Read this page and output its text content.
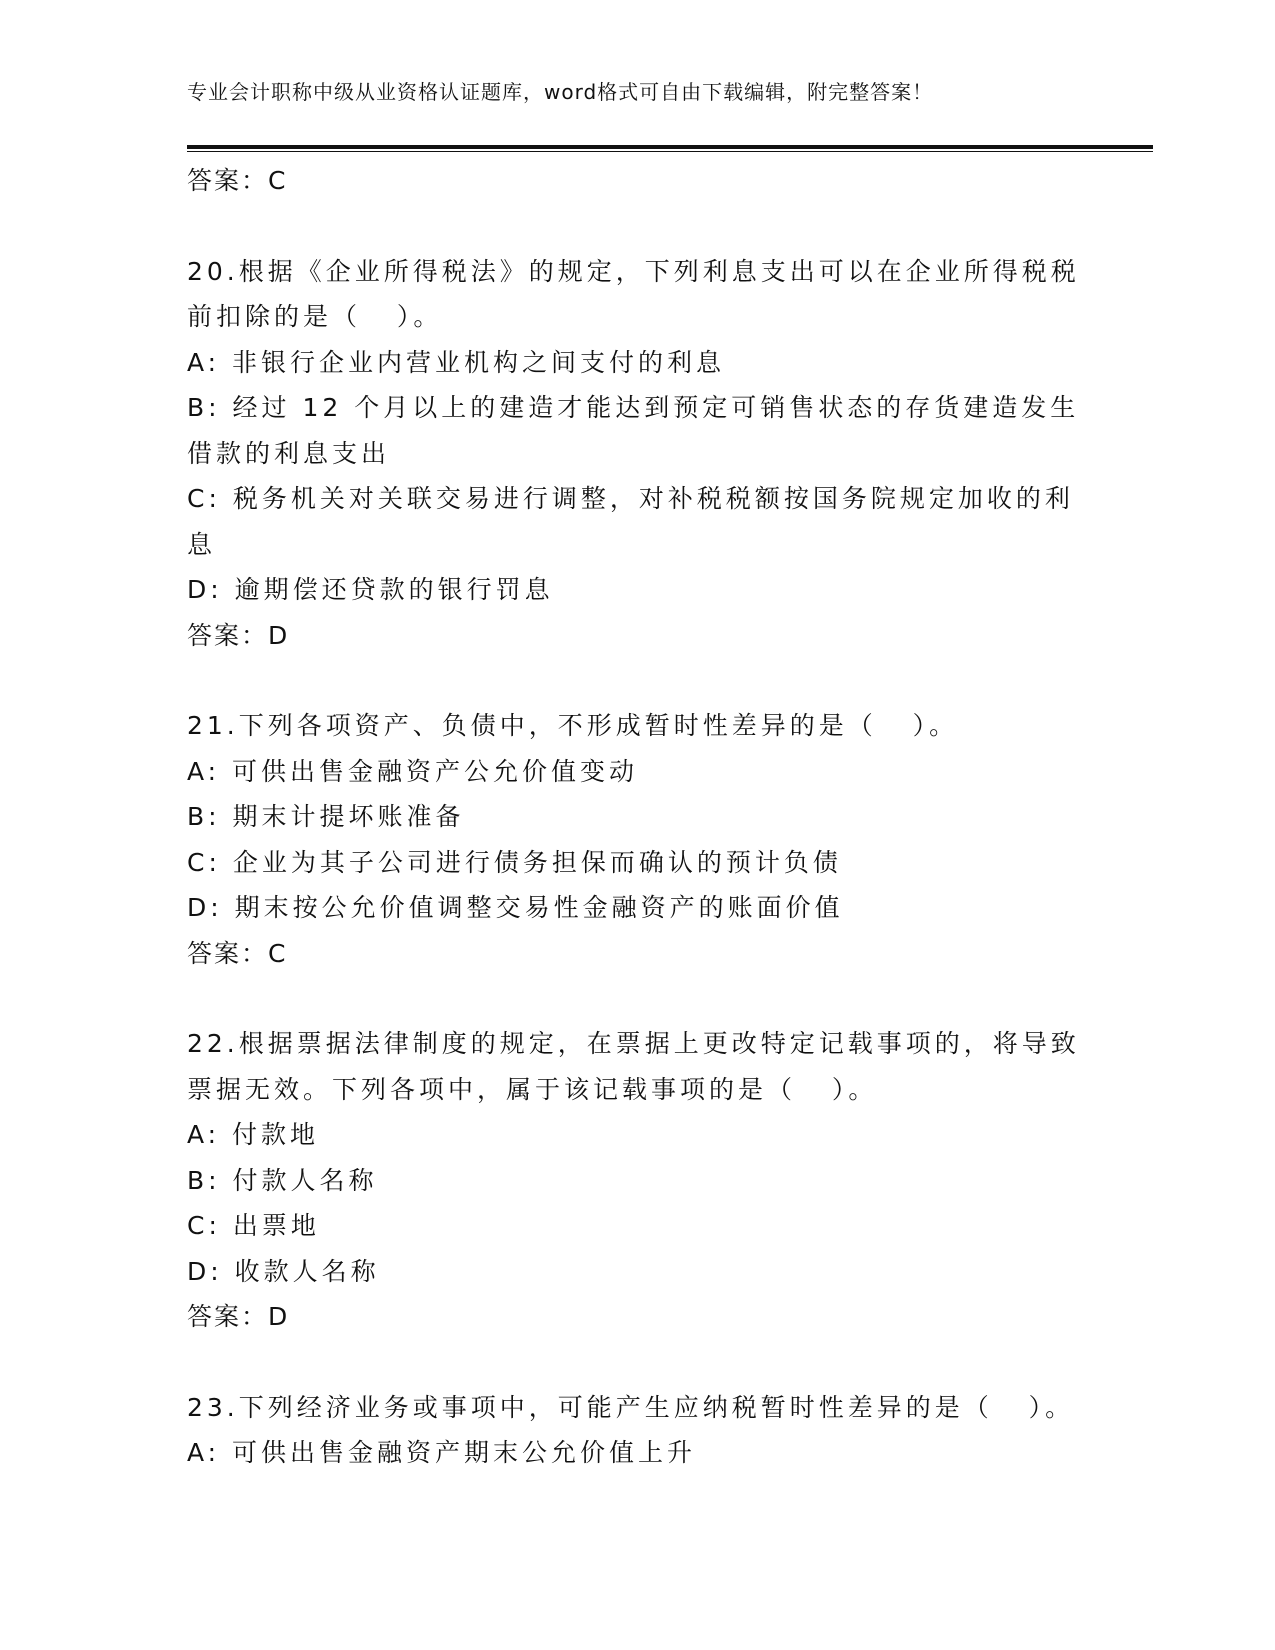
专业会计职称中级从业资格认证题库，word格式可自由下载编辑，附完整答案！
答案：C
20.根据《企业所得税法》的规定，下列利息支出可以在企业所得税税
前扣除的是（   ）。
A: 非银行企业内营业机构之间支付的利息
B: 经过 12 个月以上的建造才能达到预定可销售状态的存货建造发生
借款的利息支出
C: 税务机关对关联交易进行调整，对补税税额按国务院规定加收的利
息
D: 逾期偿还贷款的银行罚息
答案：D
21.下列各项资产、负债中，不形成暂时性差异的是（   ）。
A: 可供出售金融资产公允价值变动
B: 期末计提坏账准备
C: 企业为其子公司进行债务担保而确认的预计负债
D: 期末按公允价值调整交易性金融资产的账面价值
答案：C
22.根据票据法律制度的规定，在票据上更改特定记载事项的，将导致
票据无效。下列各项中，属于该记载事项的是（   ）。
A: 付款地
B: 付款人名称
C: 出票地
D: 收款人名称
答案：D
23.下列经济业务或事项中，可能产生应纳税暂时性差异的是（   ）。
A: 可供出售金融资产期末公允价值上升
